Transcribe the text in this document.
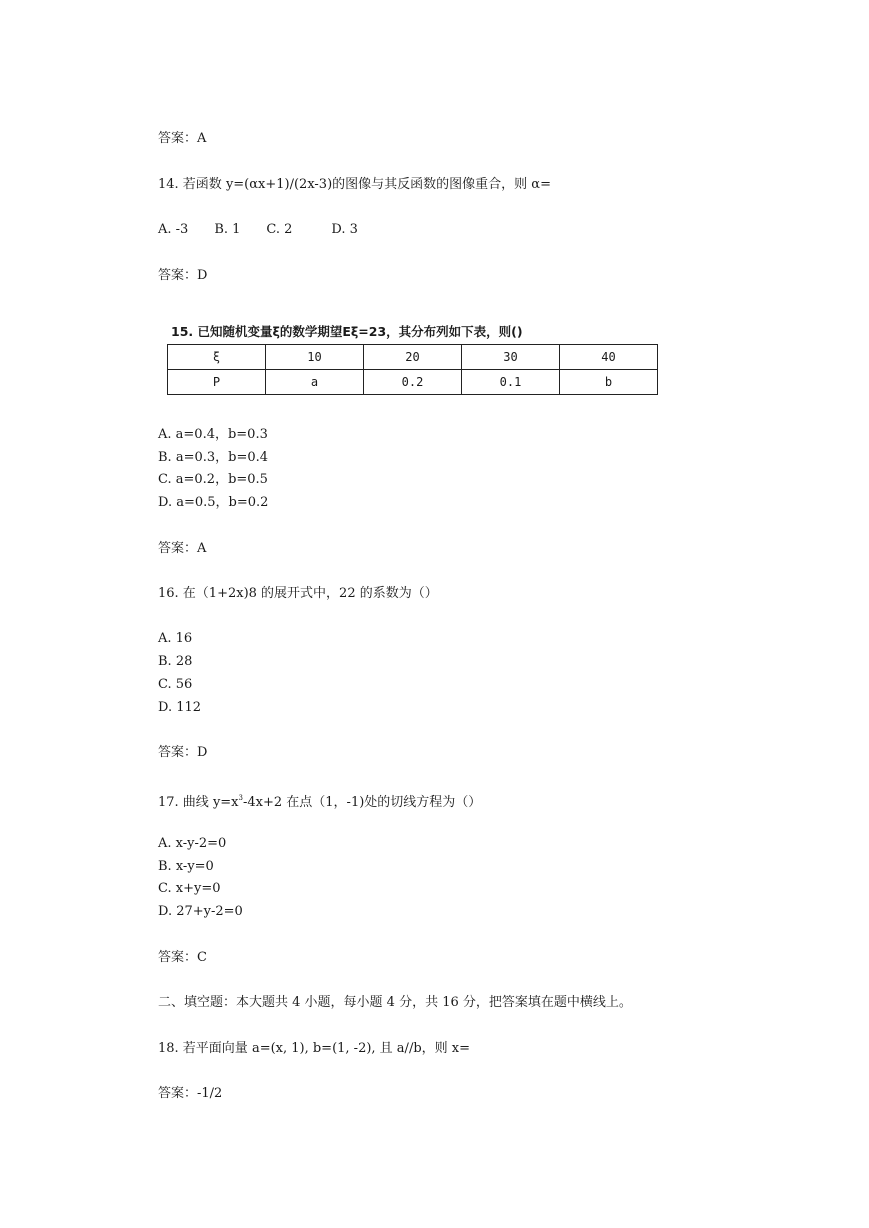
答案：A
14. 若函数 y=(αx+1)/(2x-3)的图像与其反函数的图像重合，则 α=
A. -3　　B. 1　　C. 2　　　D. 3
答案：D
15. 已知随机变量ξ的数学期望Eξ=23，其分布列如下表，则()
ξ	10	20	30	40
P	a	0.2	0.1	b
A. a=0.4，b=0.3
B. a=0.3，b=0.4
C. a=0.2，b=0.5
D. a=0.5，b=0.2
答案：A
16. 在（1+2x)8 的展开式中，22 的系数为（）
A. 16
B. 28
C. 56
D. 112
答案：D
17. 曲线 $y=x^3-4x+2$ 在点（1，-1)处的切线方程为（）
A. x-y-2=0
B. x-y=0
C. x+y=0
D. 27+y-2=0
答案：C
二、填空题：本大题共 4 小题，每小题 4 分，共 16 分，把答案填在题中横线上。
18. 若平面向量 a=(x, 1), b=(1, -2), 且 a//b，则 x=
答案：-1/2
